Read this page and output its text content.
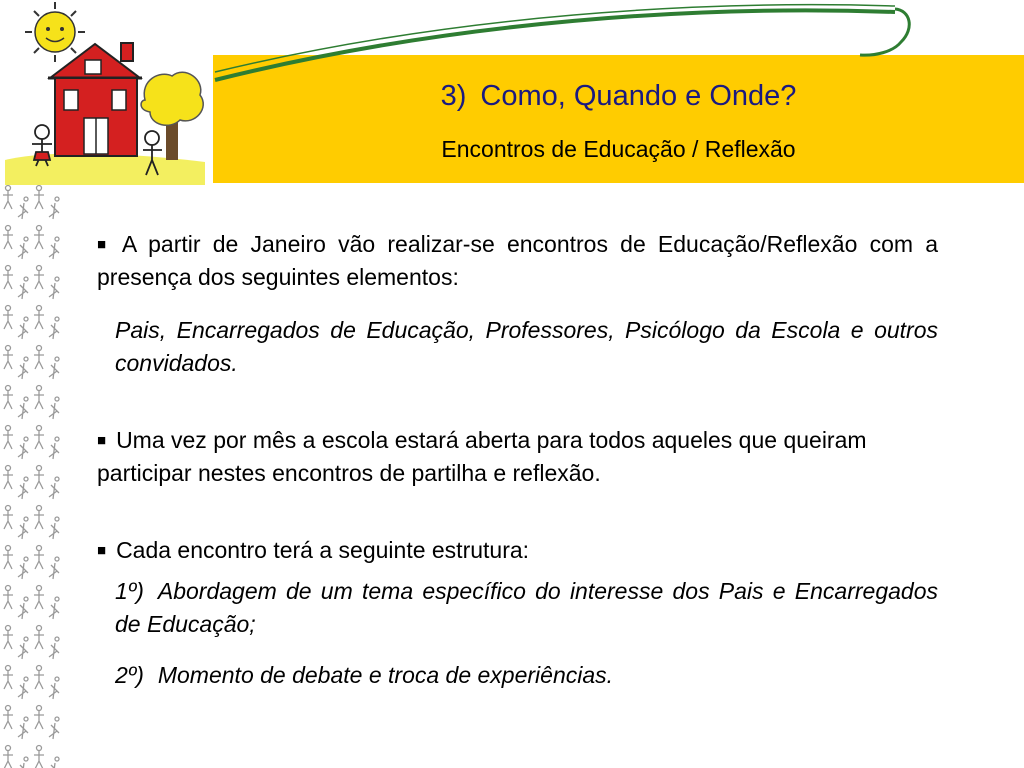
3) Como, Quando e Onde?
Encontros de Educação / Reflexão

■ A partir de Janeiro vão realizar-se encontros de Educação/Reflexão com a presença dos seguintes elementos:

Pais, Encarregados de Educação, Professores, Psicólogo da Escola e outros convidados.

■ Uma vez por mês a escola estará aberta para todos aqueles que queiram participar nestes encontros de partilha e reflexão.

■ Cada encontro terá a seguinte estrutura:

1º) Abordagem de um tema específico do interesse dos Pais e Encarregados de Educação;

2º) Momento de debate e troca de experiências.
